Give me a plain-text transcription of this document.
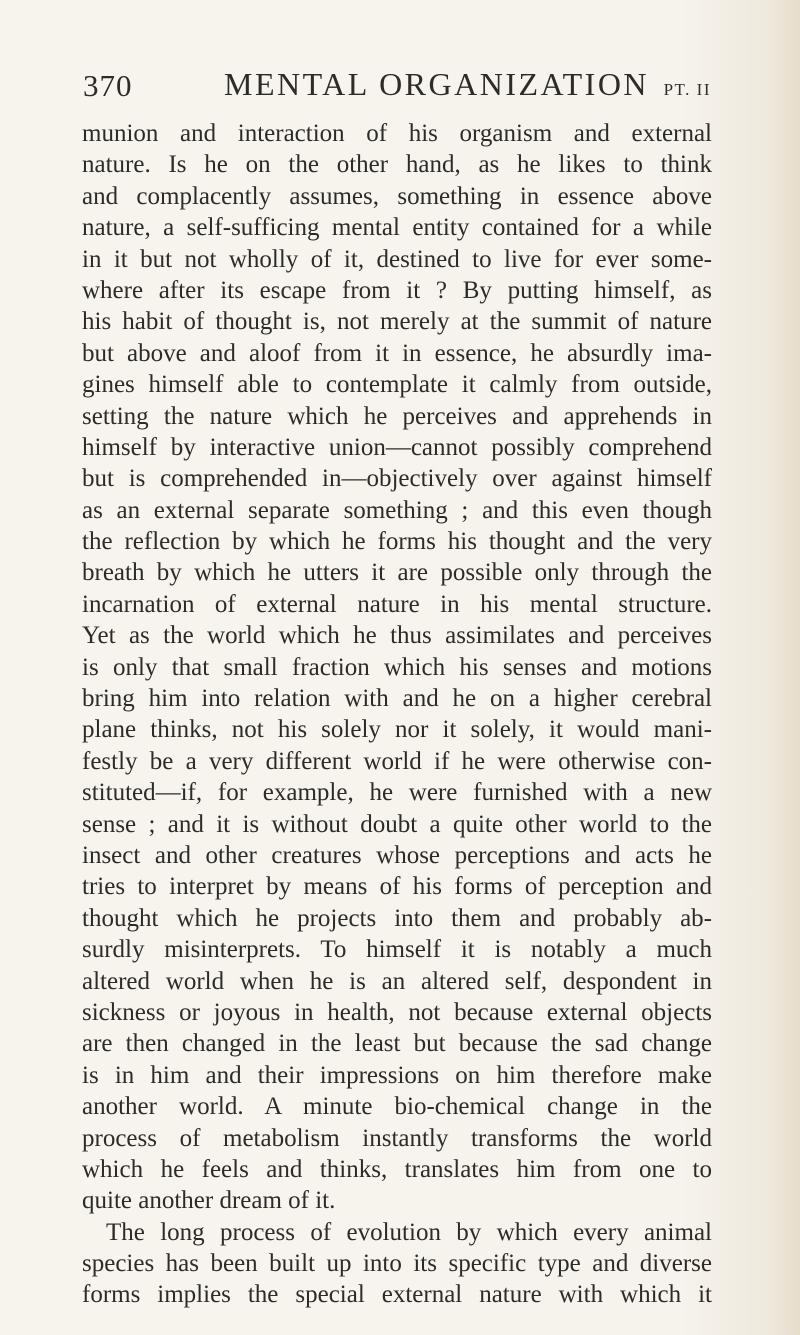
370	MENTAL ORGANIZATION PT. II
munion and interaction of his organism and external
nature. Is he on the other hand, as he likes to think
and complacently assumes, something in essence above
nature, a self-sufficing mental entity contained for a while
in it but not wholly of it, destined to live for ever some-
where after its escape from it ? By putting himself, as
his habit of thought is, not merely at the summit of nature
but above and aloof from it in essence, he absurdly ima-
gines himself able to contemplate it calmly from outside,
setting the nature which he perceives and apprehends in
himself by interactive union—cannot possibly comprehend
but is comprehended in—objectively over against himself
as an external separate something ; and this even though
the reflection by which he forms his thought and the very
breath by which he utters it are possible only through the
incarnation of external nature in his mental structure.
Yet as the world which he thus assimilates and perceives
is only that small fraction which his senses and motions
bring him into relation with and he on a higher cerebral
plane thinks, not his solely nor it solely, it would mani-
festly be a very different world if he were otherwise con-
stituted—if, for example, he were furnished with a new
sense ; and it is without doubt a quite other world to the
insect and other creatures whose perceptions and acts he
tries to interpret by means of his forms of perception and
thought which he projects into them and probably ab-
surdly misinterprets. To himself it is notably a much
altered world when he is an altered self, despondent in
sickness or joyous in health, not because external objects
are then changed in the least but because the sad change
is in him and their impressions on him therefore make
another world. A minute bio-chemical change in the
process of metabolism instantly transforms the world
which he feels and thinks, translates him from one to
quite another dream of it.
The long process of evolution by which every animal
species has been built up into its specific type and diverse
forms implies the special external nature with which it
